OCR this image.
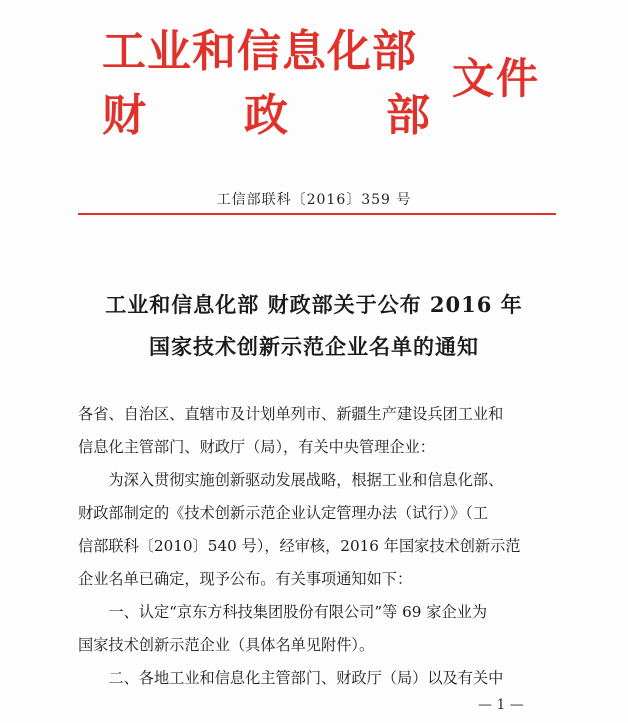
工业和信息化部
财政部
文件
工信部联科〔2016〕359 号
工业和信息化部 财政部关于公布 2016 年
国家技术创新示范企业名单的通知
各省、自治区、直辖市及计划单列市、新疆生产建设兵团工业和
信息化主管部门、财政厅（局），有关中央管理企业：
　　为深入贯彻实施创新驱动发展战略，根据工业和信息化部、
财政部制定的《技术创新示范企业认定管理办法（试行）》（工
信部联科〔2010〕540 号），经审核，2016 年国家技术创新示范
企业名单已确定，现予公布。有关事项通知如下：
　　一、认定“京东方科技集团股份有限公司”等 69 家企业为
国家技术创新示范企业（具体名单见附件）。
　　二、各地工业和信息化主管部门、财政厅（局）以及有关中
— 1 —
